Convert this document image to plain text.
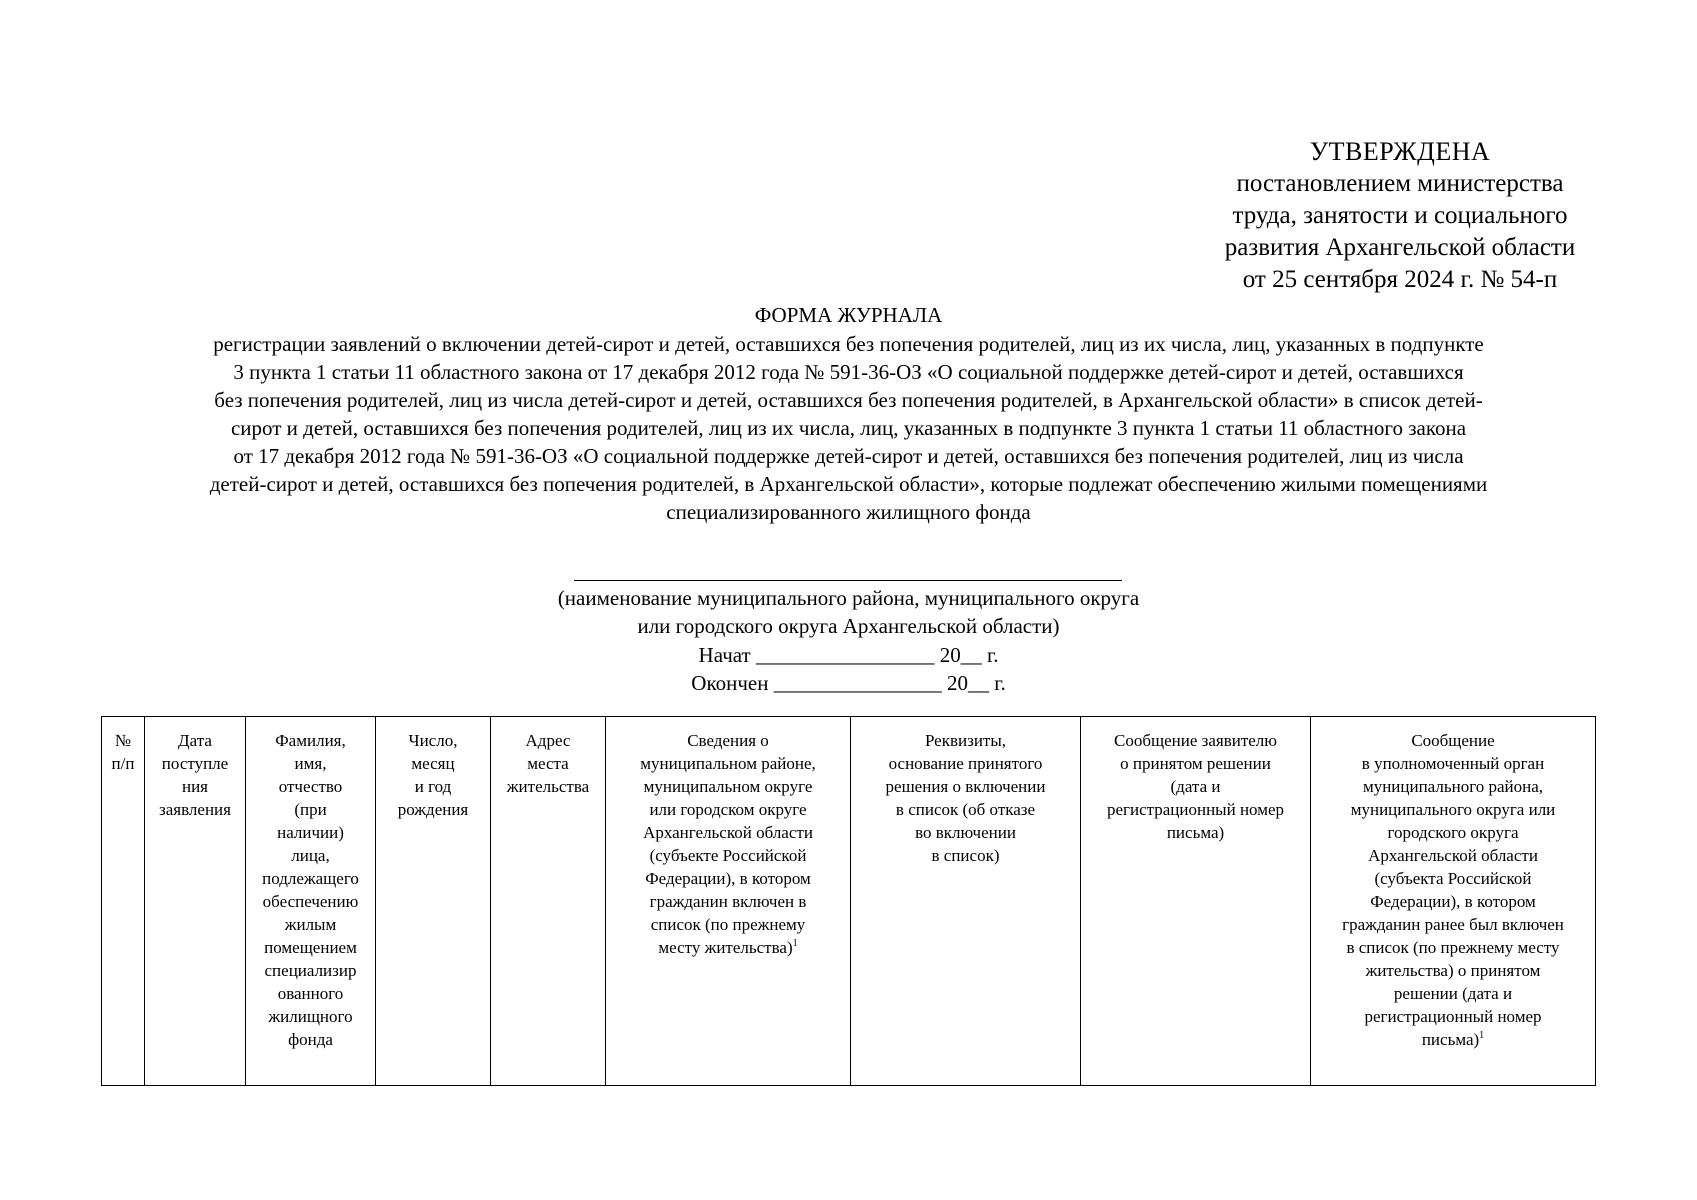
УТВЕРЖДЕНА
постановлением министерства
труда, занятости и социального
развития Архангельской области
от 25 сентября 2024 г. № 54-п
ФОРМА ЖУРНАЛА
регистрации заявлений о включении детей-сирот и детей, оставшихся без попечения родителей, лиц из их числа, лиц, указанных в подпункте
3 пункта 1 статьи 11 областного закона от 17 декабря 2012 года № 591-36-ОЗ «О социальной поддержке детей-сирот и детей, оставшихся
без попечения родителей, лиц из числа детей-сирот и детей, оставшихся без попечения родителей, в Архангельской области» в список детей-
сирот и детей, оставшихся без попечения родителей, лиц из их числа, лиц, указанных в подпункте 3 пункта 1 статьи 11 областного закона
от 17 декабря 2012 года № 591-36-ОЗ «О социальной поддержке детей-сирот и детей, оставшихся без попечения родителей, лиц из числа
детей-сирот и детей, оставшихся без попечения родителей, в Архангельской области», которые подлежат обеспечению жилыми помещениями
специализированного жилищного фонда
(наименование муниципального района, муниципального округа
или городского округа Архангельской области)
Начат _________________ 20__ г.
Окончен ________________ 20__ г.
№
п/п

Дата
поступле
ния
заявления

Фамилия,
имя,
отчество
(при
наличии)
лица,
подлежащего
обеспечению
жилым
помещением
специализир
ованного
жилищного
фонда

Число,
месяц
и год
рождения

Адрес
места
жительства

Сведения о
муниципальном районе,
муниципальном округе
или городском округе
Архангельской области
(субъекте Российской
Федерации), в котором
гражданин включен в
список (по прежнему
месту жительства)$^1$

Реквизиты,
основание принятого
решения о включении
в список (об отказе
во включении
в список)

Сообщение заявителю
о принятом решении
(дата и
регистрационный номер
письма)

Сообщение
в уполномоченный орган
муниципального района,
муниципального округа или
городского округа
Архангельской области
(субъекта Российской
Федерации), в котором
гражданин ранее был включен
в список (по прежнему месту
жительства) о принятом
решении (дата и
регистрационный номер
письма)$^1$
